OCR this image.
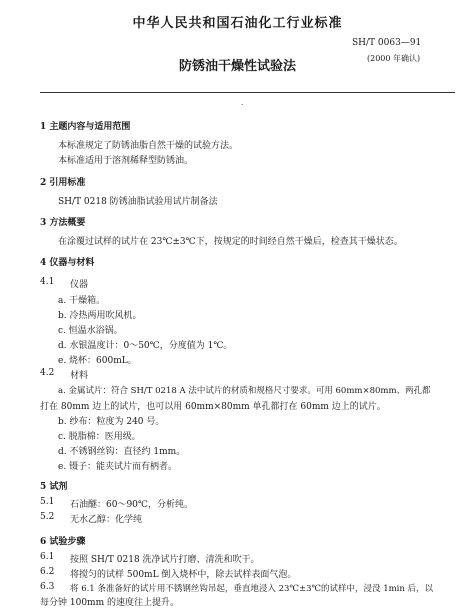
中华人民共和国石油化工行业标准
SH/T 0063—91
(2000 年确认)
防锈油干燥性试验法
·
1 主题内容与适用范围
本标准规定了防锈油脂自然干燥的试验方法。
本标准适用于溶剂稀释型防锈油。
2 引用标准
SH/T 0218 防锈油脂试验用试片制备法
3 方法概要
在涂覆过试样的试片在 23℃±3℃下，按规定的时间经自然干燥后，检查其干燥状态。
4 仪器与材料
4.1 仪器
a. 干燥箱。
b. 冷热两用吹风机。
c. 恒温水浴锅。
d. 水银温度计：0～50℃，分度值为 1℃。
e. 烧杯：600mL。
4.2 材料
a. 金属试片：符合 SH/T 0218 A 法中试片的材质和规格尺寸要求。可用 60mm×80mm、两孔都
打在 80mm 边上的试片，也可以用 60mm×80mm 单孔都打在 60mm 边上的试片。
b. 纱布：粒度为 240 号。
c. 脱脂棉：医用级。
d. 不锈钢丝钩：直径约 1mm。
e. 镊子：能夹试片而有柄者。
5 试剂
5.1 石油醚：60～90℃，分析纯。
5.2 无水乙醇：化学纯
6 试验步骤
6.1 按照 SH/T 0218 洗净试片打磨、清洗和吹干。
6.2 将搅匀的试样 500mL 倒入烧杯中，除去试样表面气泡。
6.3 将 6.1 条准备好的试片用不锈钢丝钩吊起，垂直地浸入 23℃±3℃的试样中，浸没 1min 后，以
每分钟 100mm 的速度往上提升。
